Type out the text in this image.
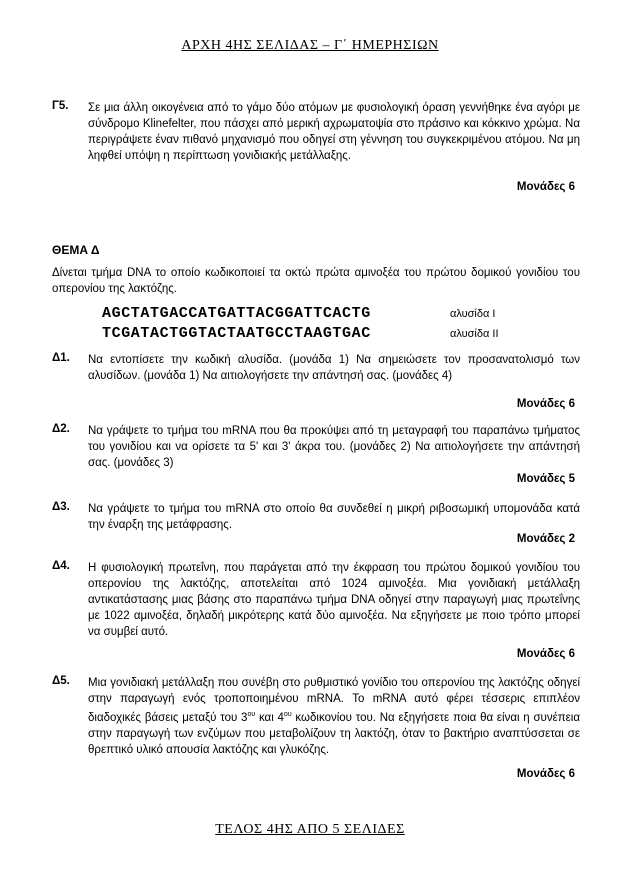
ΑΡΧΗ 4ΗΣ ΣΕΛΙΔΑΣ – Γ΄ ΗΜΕΡΗΣΙΩΝ
Γ5. Σε μια άλλη οικογένεια από το γάμο δύο ατόμων με φυσιολογική όραση γεννήθηκε ένα αγόρι με σύνδρομο Klinefelter, που πάσχει από μερική αχρωματοψία στο πράσινο και κόκκινο χρώμα. Να περιγράψετε έναν πιθανό μηχανισμό που οδηγεί στη γέννηση του συγκεκριμένου ατόμου. Να μη ληφθεί υπόψη η περίπτωση γονιδιακής μετάλλαξης.
Μονάδες 6
ΘΕΜΑ Δ
Δίνεται τμήμα DNA το οποίο κωδικοποιεί τα οκτώ πρώτα αμινοξέα του πρώτου δομικού γονιδίου του οπερονίου της λακτόζης.
AGCTATGACCATGATTACGGATTCACTG	αλυσίδα Ι
TCGATACTGGTACTAATGCCTAAGTGAC	αλυσίδα ΙΙ
Δ1. Να εντοπίσετε την κωδική αλυσίδα. (μονάδα 1) Να σημειώσετε τον προσανατολισμό των αλυσίδων. (μονάδα 1) Να αιτιολογήσετε την απάντησή σας. (μονάδες 4)
Μονάδες 6
Δ2. Να γράψετε το τμήμα του mRNA που θα προκύψει από τη μεταγραφή του παραπάνω τμήματος του γονιδίου και να ορίσετε τα 5' και 3' άκρα του. (μονάδες 2) Να αιτιολογήσετε την απάντησή σας. (μονάδες 3)
Μονάδες 5
Δ3. Να γράψετε το τμήμα του mRNA στο οποίο θα συνδεθεί η μικρή ριβοσωμική υπομονάδα κατά την έναρξη της μετάφρασης.
Μονάδες 2
Δ4. Η φυσιολογική πρωτεΐνη, που παράγεται από την έκφραση του πρώτου δομικού γονιδίου του οπερονίου της λακτόζης, αποτελείται από 1024 αμινοξέα. Μια γονιδιακή μετάλλαξη αντικατάστασης μιας βάσης στο παραπάνω τμήμα DNA οδηγεί στην παραγωγή μιας πρωτεΐνης με 1022 αμινοξέα, δηλαδή μικρότερης κατά δύο αμινοξέα. Να εξηγήσετε με ποιο τρόπο μπορεί να συμβεί αυτό.
Μονάδες 6
Δ5. Μια γονιδιακή μετάλλαξη που συνέβη στο ρυθμιστικό γονίδιο του οπερονίου της λακτόζης οδηγεί στην παραγωγή ενός τροποποιημένου mRNA. Το mRNA αυτό φέρει τέσσερις επιπλέον διαδοχικές βάσεις μεταξύ του $3^{o\upsilon}$ και $4^{o\upsilon}$ κωδικονίου του. Να εξηγήσετε ποια θα είναι η συνέπεια στην παραγωγή των ενζύμων που μεταβολίζουν τη λακτόζη, όταν το βακτήριο αναπτύσσεται σε θρεπτικό υλικό απουσία λακτόζης και γλυκόζης.
Μονάδες 6
ΤΕΛΟΣ 4ΗΣ ΑΠΟ 5 ΣΕΛΙΔΕΣ
